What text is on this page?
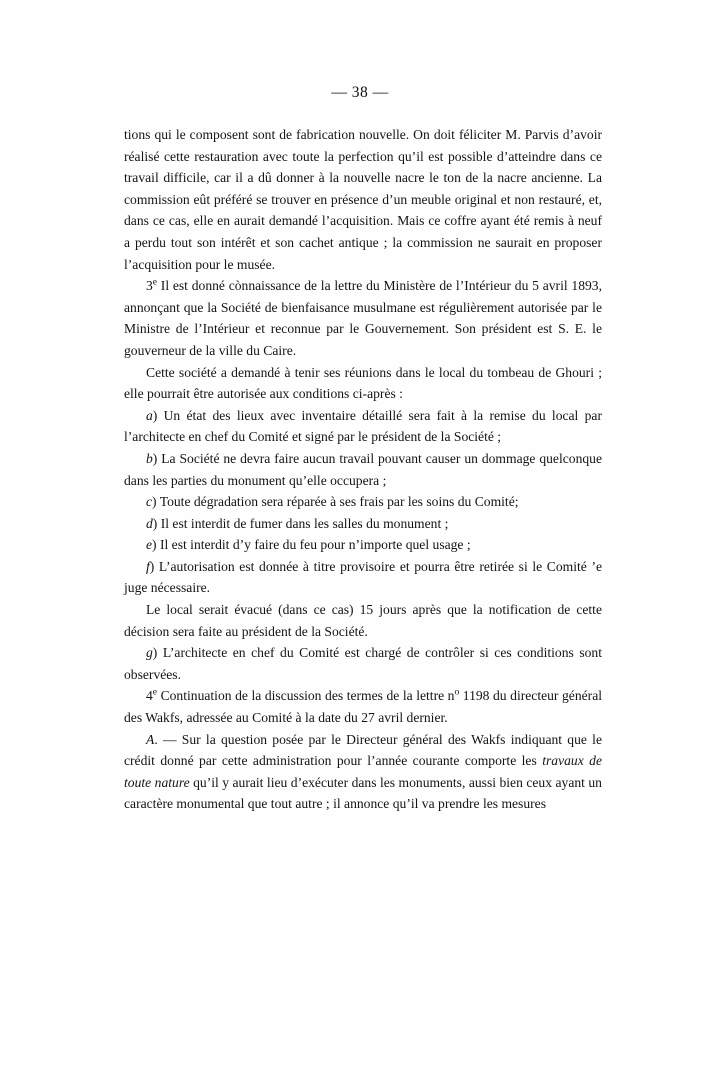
— 38 —

tions qui le composent sont de fabrication nouvelle. On doit féliciter M. Parvis d’avoir réalisé cette restauration avec toute la perfection qu’il est possible d’atteindre dans ce travail difficile, car il a dû donner à la nouvelle nacre le ton de la nacre ancienne. La commission eût préféré se trouver en présence d’un meuble original et non restauré, et, dans ce cas, elle en aurait demandé l’acquisition. Mais ce coffre ayant été remis à neuf a perdu tout son intérêt et son cachet antique ; la commission ne saurait en proposer l’acquisition pour le musée.

3e Il est donné cònnaissance de la lettre du Ministère de l’Intérieur du 5 avril 1893, annonçant que la Société de bienfaisance musulmane est régulièrement autorisée par le Ministre de l’Intérieur et reconnue par le Gouvernement. Son président est S. E. le gouverneur de la ville du Caire.

Cette société a demandé à tenir ses réunions dans le local du tombeau de Ghouri ; elle pourrait être autorisée aux conditions ci-après :

a) Un état des lieux avec inventaire détaillé sera fait à la remise du local par l’architecte en chef du Comité et signé par le président de la Société ;

b) La Société ne devra faire aucun travail pouvant causer un dommage quelconque dans les parties du monument qu’elle occupera ;

c) Toute dégradation sera réparée à ses frais par les soins du Comité;

d) Il est interdit de fumer dans les salles du monument ;

e) Il est interdit d’y faire du feu pour n’importe quel usage ;

f) L’autorisation est donnée à titre provisoire et pourra être retirée si le Comité ’e juge nécessaire.

Le local serait évacué (dans ce cas) 15 jours après que la notification de cette décision sera faite au président de la Société.

g) L’architecte en chef du Comité est chargé de contrôler si ces conditions sont observées.

4e Continuation de la discussion des termes de la lettre $n^o$ 1198 du directeur général des Wakfs, adressée au Comité à la date du 27 avril dernier.

A. — Sur la question posée par le Directeur général des Wakfs indiquant que le crédit donné par cette administration pour l’année courante comporte les travaux de toute nature qu’il y aurait lieu d’exécuter dans les monuments, aussi bien ceux ayant un caractère monumental que tout autre ; il annonce qu’il va prendre les mesures
